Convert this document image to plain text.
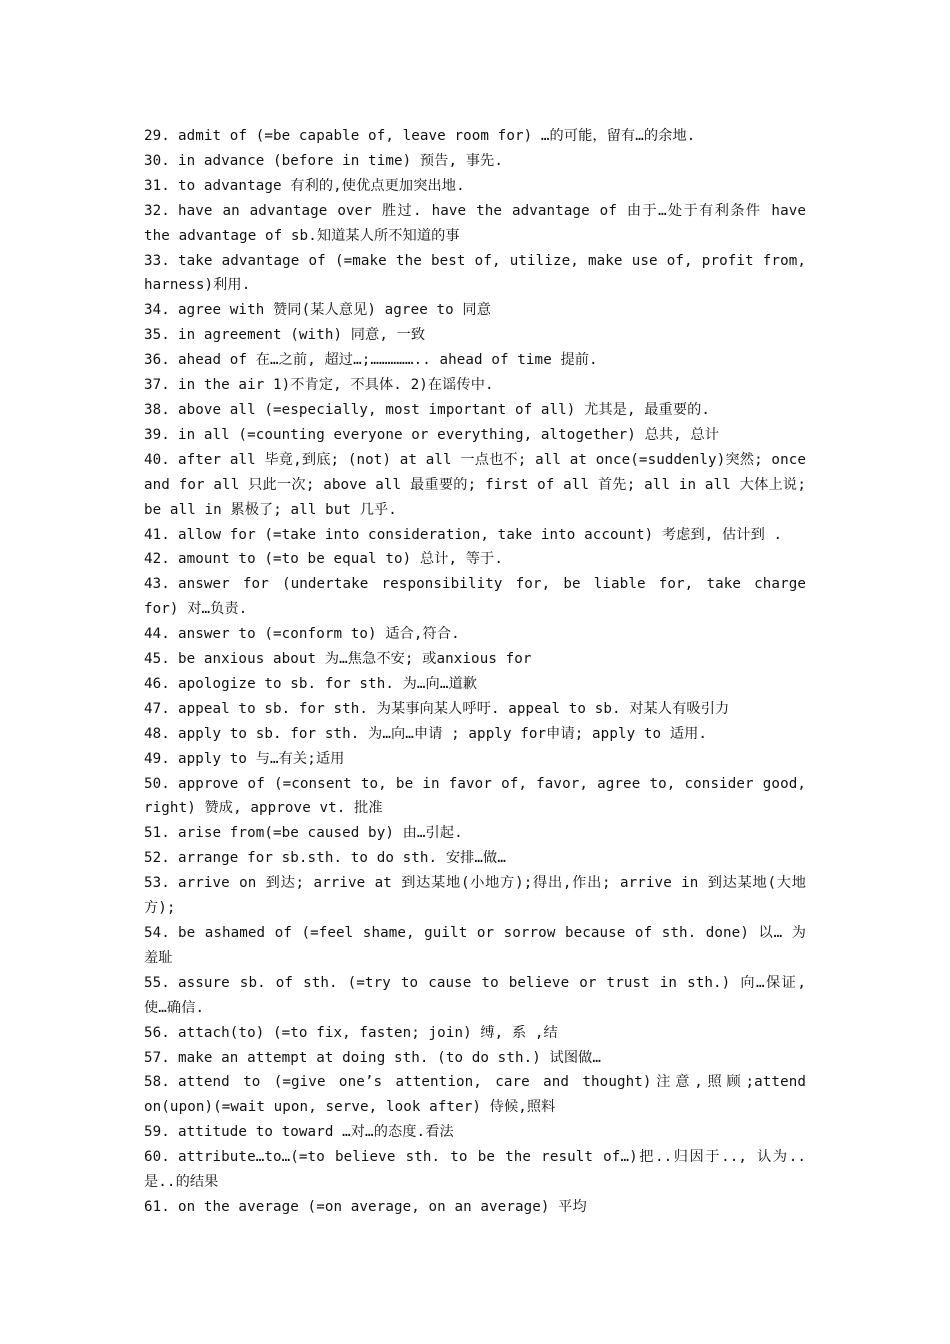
29. admit of (=be capable of, leave room for) …的可能，留有…的余地.

30. in advance (before in time) 预告, 事先.

31. to advantage 有利的,使优点更加突出地.

32. have an advantage over 胜过. have the advantage of 由于…处于有利条件 have the advantage of sb.知道某人所不知道的事

33. take advantage of (=make the best of, utilize, make use of, profit from, harness)利用.

34. agree with 赞同(某人意见) agree to 同意

35. in agreement (with) 同意, 一致

36. ahead of 在…之前, 超过…;…………….. ahead of time 提前.

37. in the air 1)不肯定, 不具体. 2)在谣传中.

38. above all (=especially, most important of all) 尤其是, 最重要的.

39. in all (=counting everyone or everything, altogether) 总共, 总计

40. after all 毕竟,到底; (not) at all 一点也不; all at once(=suddenly)突然; once and for all 只此一次; above all 最重要的; first of all 首先; all in all 大体上说; be all in 累极了; all but 几乎.

41. allow for (=take into consideration, take into account) 考虑到, 估计到 .

42. amount to (=to be equal to) 总计, 等于.

43. answer for (undertake responsibility for, be liable for, take charge for) 对…负责.

44. answer to (=conform to) 适合,符合.

45. be anxious about 为…焦急不安; 或anxious for

46. apologize to sb. for sth. 为…向…道歉

47. appeal to sb. for sth. 为某事向某人呼吁. appeal to sb. 对某人有吸引力

48. apply to sb. for sth. 为…向…申请 ; apply for申请; apply to 适用.

49. apply to 与…有关;适用

50. approve of (=consent to, be in favor of, favor, agree to, consider good, right) 赞成, approve vt. 批准

51. arise from(=be caused by) 由…引起.

52. arrange for sb.sth. to do sth. 安排…做…

53. arrive on 到达; arrive at 到达某地(小地方);得出,作出; arrive in 到达某地(大地方);

54. be ashamed of (=feel shame, guilt or sorrow because of sth. done) 以… 为羞耻

55. assure sb. of sth. (=try to cause to believe or trust in sth.) 向…保证, 使…确信.

56. attach(to) (=to fix, fasten; join) 缚, 系 ,结

57. make an attempt at doing sth. (to do sth.) 试图做…

58. attend to (=give one’s attention, care and thought)注意,照顾;attend on(upon)(=wait upon, serve, look after) 侍候,照料

59. attitude to toward …对…的态度.看法

60. attribute…to…(=to believe sth. to be the result of…)把..归因于.., 认为..是..的结果

61. on the average (=on average, on an average) 平均
